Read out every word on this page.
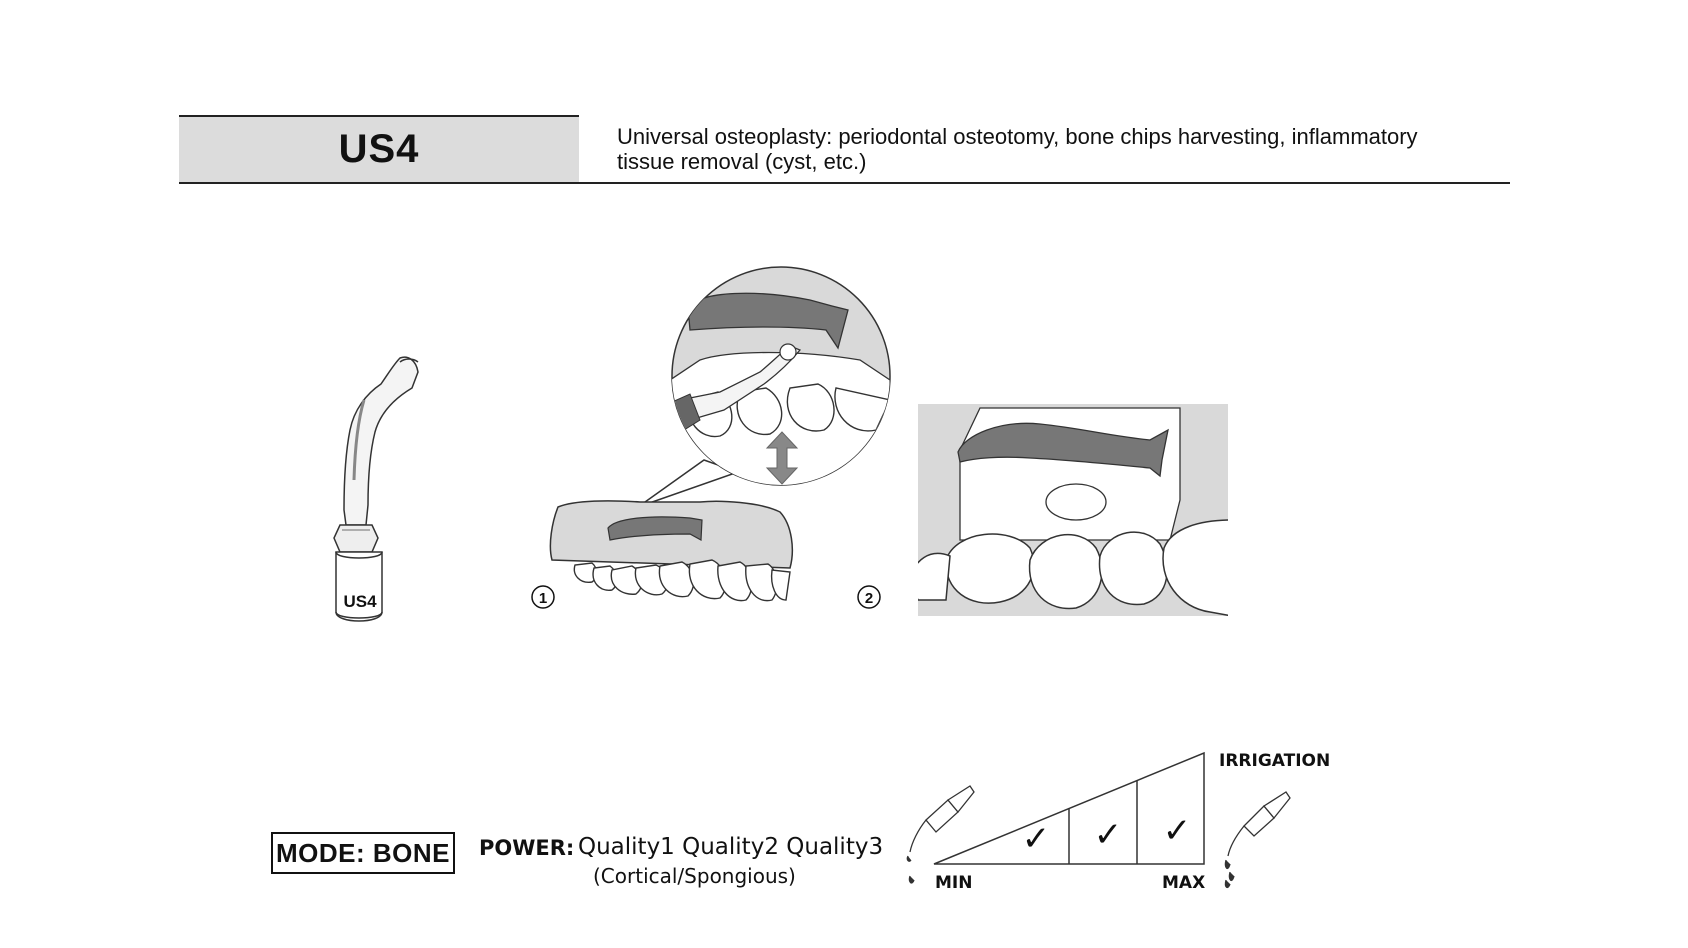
US4	Universal osteoplasty: periodontal osteotomy, bone chips harvesting, inflammatory
tissue removal (cyst, etc.)
US4	1	2
✓ ✓ ✓
IRRIGATION
MIN	MAX
MODE: BONE POWER: Quality1 Quality2 Quality3
(Cortical/Spongious)
